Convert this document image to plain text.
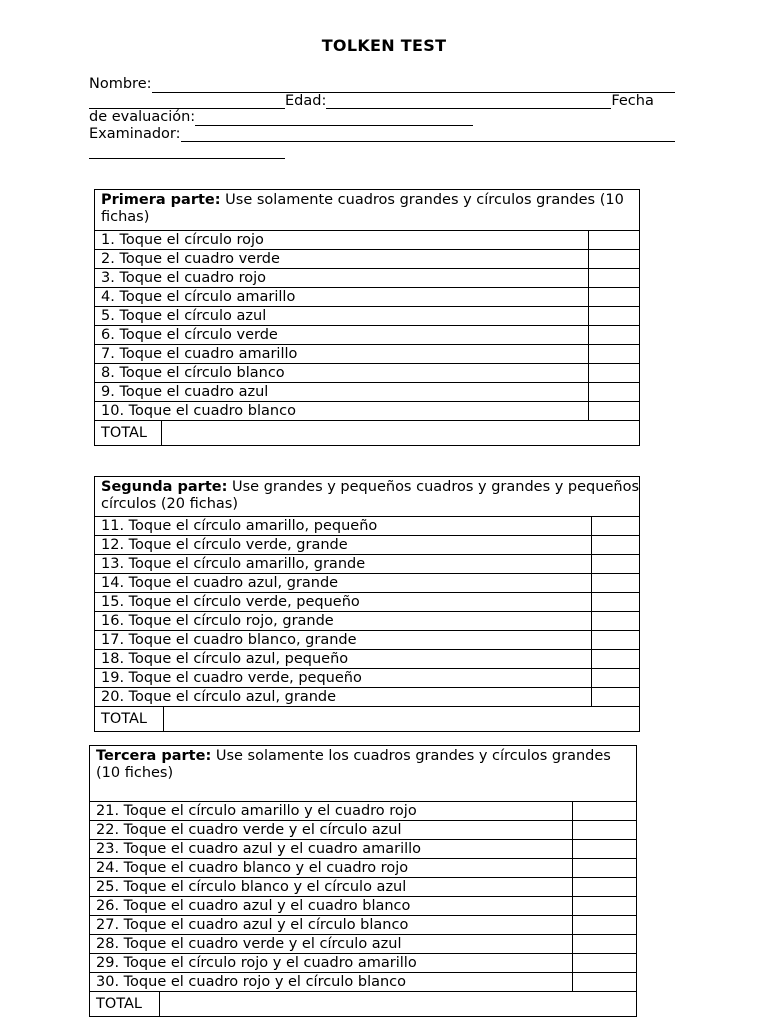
TOLKEN TEST
Nombre:
Edad:	Fecha
de evaluación:
Examinador:
Primera parte: Use solamente cuadros grandes y círculos grandes (10 fichas)		
1. Toque el círculo rojo		
2. Toque el cuadro verde		
3. Toque el cuadro rojo		
4. Toque el círculo amarillo		
5. Toque el círculo azul		
6. Toque el círculo verde		
7. Toque el cuadro amarillo		
8. Toque el círculo blanco		
9. Toque el cuadro azul		
10. Toque el cuadro blanco		
TOTAL		
Segunda parte: Use grandes y pequeños cuadros y grandes y pequeños círculos (20 fichas)		
11. Toque el círculo amarillo, pequeño		
12. Toque el círculo verde, grande		
13. Toque el círculo amarillo, grande		
14. Toque el cuadro azul, grande		
15. Toque el círculo verde, pequeño		
16. Toque el círculo rojo, grande		
17. Toque el cuadro blanco, grande		
18. Toque el círculo azul, pequeño		
19. Toque el cuadro verde, pequeño		
20. Toque el círculo azul, grande		
TOTAL		
Tercera parte: Use solamente los cuadros grandes y círculos grandes (10 fiches)		
21. Toque el círculo amarillo y el cuadro rojo		
22. Toque el cuadro verde y el círculo azul		
23. Toque el cuadro azul y el cuadro amarillo		
24. Toque el cuadro blanco y el cuadro rojo		
25. Toque el círculo blanco y el círculo azul		
26. Toque el cuadro azul y el cuadro blanco		
27. Toque el cuadro azul y el círculo blanco		
28. Toque el cuadro verde y el círculo azul		
29. Toque el círculo rojo y el cuadro amarillo		
30. Toque el cuadro rojo y el círculo blanco		
TOTAL		
